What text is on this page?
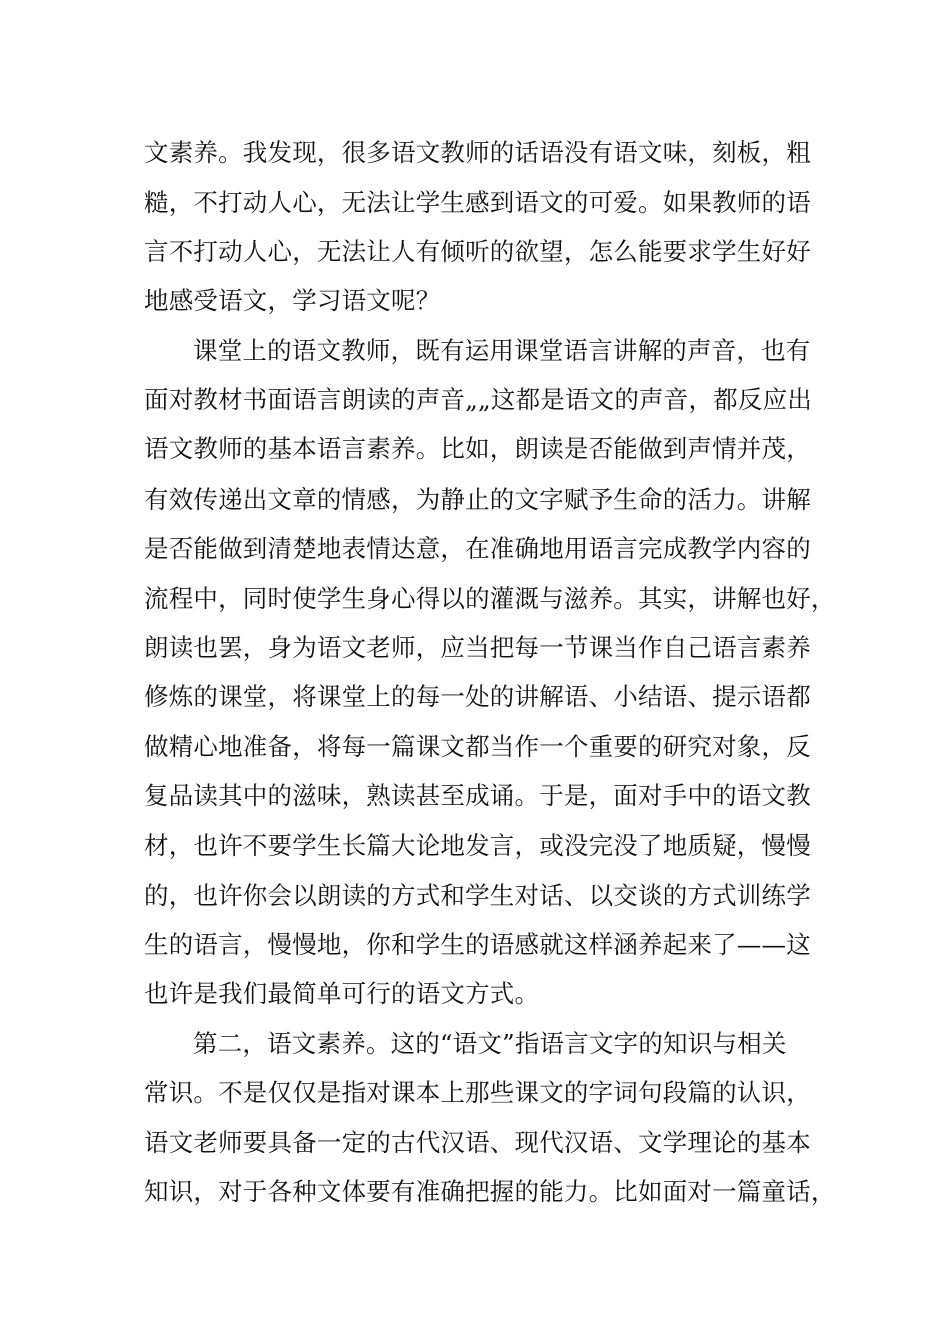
文素养。我发现，很多语文教师的话语没有语文味，刻板，粗
糙，不打动人心，无法让学生感到语文的可爱。如果教师的语
言不打动人心，无法让人有倾听的欲望，怎么能要求学生好好
地感受语文，学习语文呢？
课堂上的语文教师，既有运用课堂语言讲解的声音，也有
面对教材书面语言朗读的声音„„这都是语文的声音，都反应出
语文教师的基本语言素养。比如，朗读是否能做到声情并茂，
有效传递出文章的情感，为静止的文字赋予生命的活力。讲解
是否能做到清楚地表情达意，在准确地用语言完成教学内容的
流程中，同时使学生身心得以的灌溉与滋养。其实，讲解也好，
朗读也罢，身为语文老师，应当把每一节课当作自己语言素养
修炼的课堂，将课堂上的每一处的讲解语、小结语、提示语都
做精心地准备，将每一篇课文都当作一个重要的研究对象，反
复品读其中的滋味，熟读甚至成诵。于是，面对手中的语文教
材，也许不要学生长篇大论地发言，或没完没了地质疑，慢慢
的，也许你会以朗读的方式和学生对话、以交谈的方式训练学
生的语言，慢慢地，你和学生的语感就这样涵养起来了——这
也许是我们最简单可行的语文方式。
第二，语文素养。这的“语文”指语言文字的知识与相关
常识。不是仅仅是指对课本上那些课文的字词句段篇的认识，
语文老师要具备一定的古代汉语、现代汉语、文学理论的基本
知识，对于各种文体要有准确把握的能力。比如面对一篇童话，
